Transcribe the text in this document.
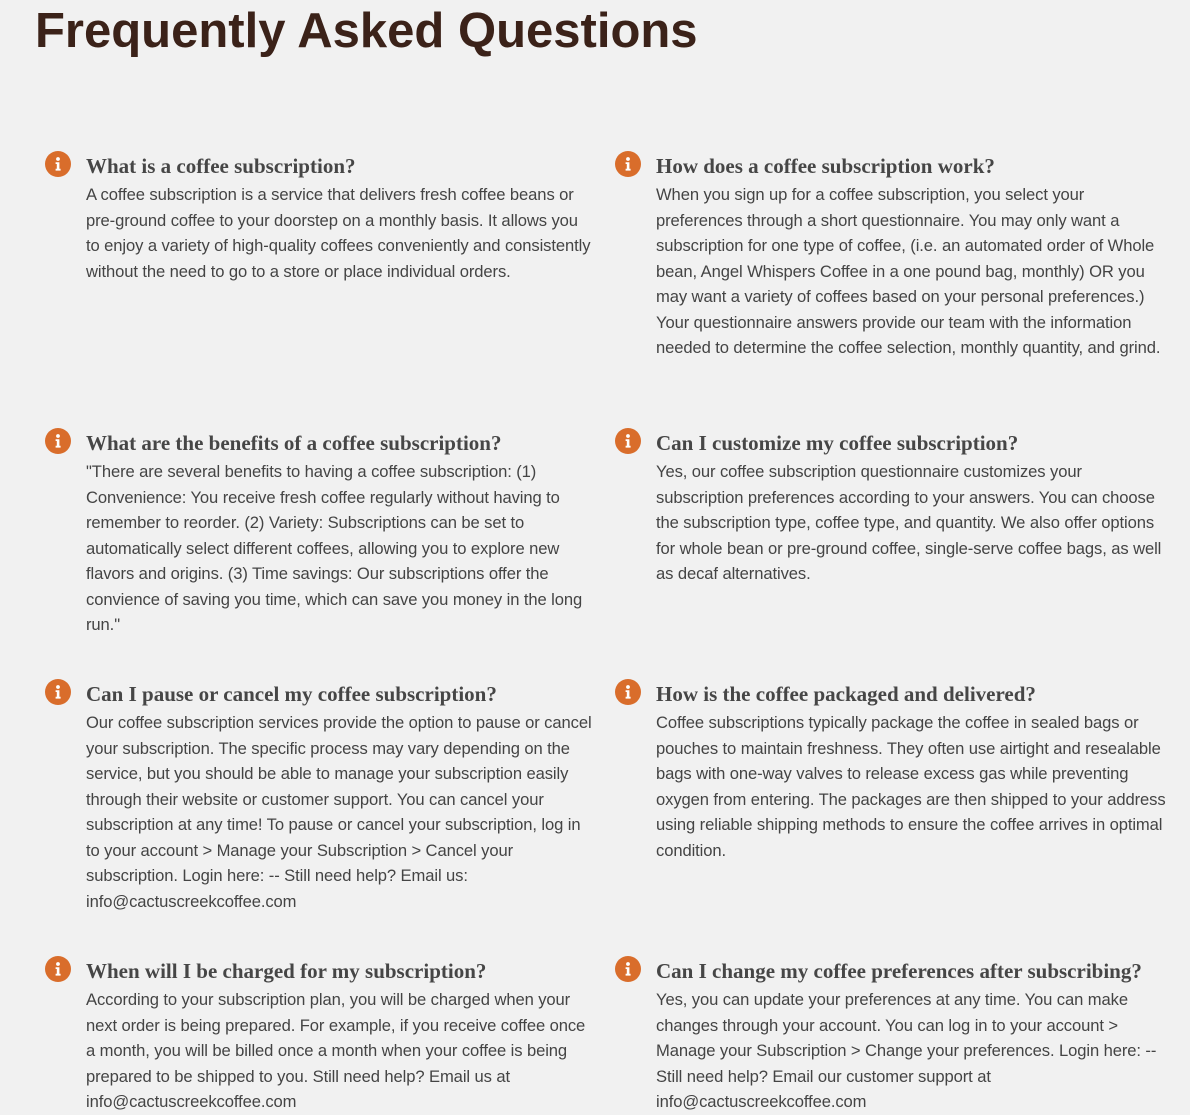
Frequently Asked Questions
What is a coffee subscription?

A coffee subscription is a service that delivers fresh coffee beans or pre-ground coffee to your doorstep on a monthly basis. It allows you to enjoy a variety of high-quality coffees conveniently and consistently without the need to go to a store or place individual orders.

How does a coffee subscription work?

When you sign up for a coffee subscription, you select your preferences through a short questionnaire. You may only want a subscription for one type of coffee, (i.e. an automated order of Whole bean, Angel Whispers Coffee in a one pound bag, monthly) OR you may want a variety of coffees based on your personal preferences.) Your questionnaire answers provide our team with the information needed to determine the coffee selection, monthly quantity, and grind.

What are the benefits of a coffee subscription?

"There are several benefits to having a coffee subscription: (1) Convenience: You receive fresh coffee regularly without having to remember to reorder. (2) Variety: Subscriptions can be set to automatically select different coffees, allowing you to explore new flavors and origins. (3) Time savings: Our subscriptions offer the convience of saving you time, which can save you money in the long run."

Can I customize my coffee subscription?

Yes, our coffee subscription questionnaire customizes your subscription preferences according to your answers. You can choose the subscription type, coffee type, and quantity. We also offer options for whole bean or pre-ground coffee, single-serve coffee bags, as well as decaf alternatives.

Can I pause or cancel my coffee subscription?

Our coffee subscription services provide the option to pause or cancel your subscription. The specific process may vary depending on the service, but you should be able to manage your subscription easily through their website or customer support. You can cancel your subscription at any time! To pause or cancel your subscription, log in to your account > Manage your Subscription > Cancel your subscription. Login here: -- Still need help? Email us: info@cactuscreekcoffee.com

How is the coffee packaged and delivered?

Coffee subscriptions typically package the coffee in sealed bags or pouches to maintain freshness. They often use airtight and resealable bags with one-way valves to release excess gas while preventing oxygen from entering. The packages are then shipped to your address using reliable shipping methods to ensure the coffee arrives in optimal condition.

When will I be charged for my subscription?

According to your subscription plan, you will be charged when your next order is being prepared. For example, if you receive coffee once a month, you will be billed once a month when your coffee is being prepared to be shipped to you. Still need help? Email us at info@cactuscreekcoffee.com

Can I change my coffee preferences after subscribing?

Yes, you can update your preferences at any time. You can make changes through your account. You can log in to your account > Manage your Subscription > Change your preferences. Login here: -- Still need help? Email our customer support at info@cactuscreekcoffee.com
